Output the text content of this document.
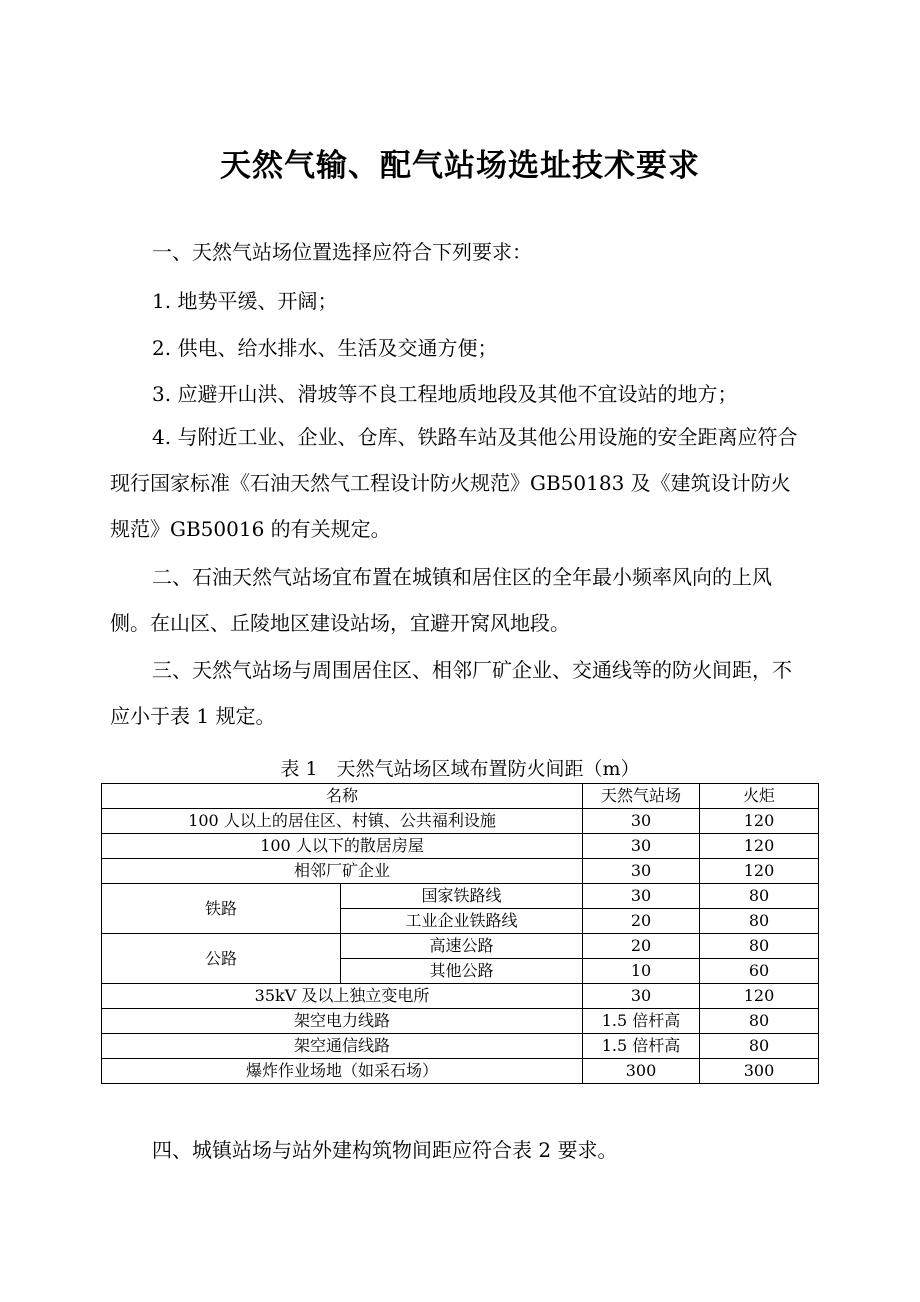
天然气输、配气站场选址技术要求

一、天然气站场位置选择应符合下列要求：

1. 地势平缓、开阔；

2. 供电、给水排水、生活及交通方便；

3. 应避开山洪、滑坡等不良工程地质地段及其他不宜设站的地方；

4. 与附近工业、企业、仓库、铁路车站及其他公用设施的安全距离应符合现行国家标准《石油天然气工程设计防火规范》GB50183 及《建筑设计防火规范》GB50016 的有关规定。

二、石油天然气站场宜布置在城镇和居住区的全年最小频率风向的上风侧。在山区、丘陵地区建设站场，宜避开窝风地段。

三、天然气站场与周围居住区、相邻厂矿企业、交通线等的防火间距，不应小于表 1 规定。

表 1　天然气站场区域布置防火间距（m）

名称		天然气站场	火炬
100 人以上的居住区、村镇、公共福利设施		30	120
100 人以下的散居房屋		30	120
相邻厂矿企业		30	120
铁路	国家铁路线	30	80
	工业企业铁路线	20	80
公路	高速公路	20	80
	其他公路	10	60
35kV 及以上独立变电所		30	120
架空电力线路		1.5 倍杆高	80
架空通信线路		1.5 倍杆高	80
爆炸作业场地（如采石场）		300	300

四、城镇站场与站外建构筑物间距应符合表 2 要求。
